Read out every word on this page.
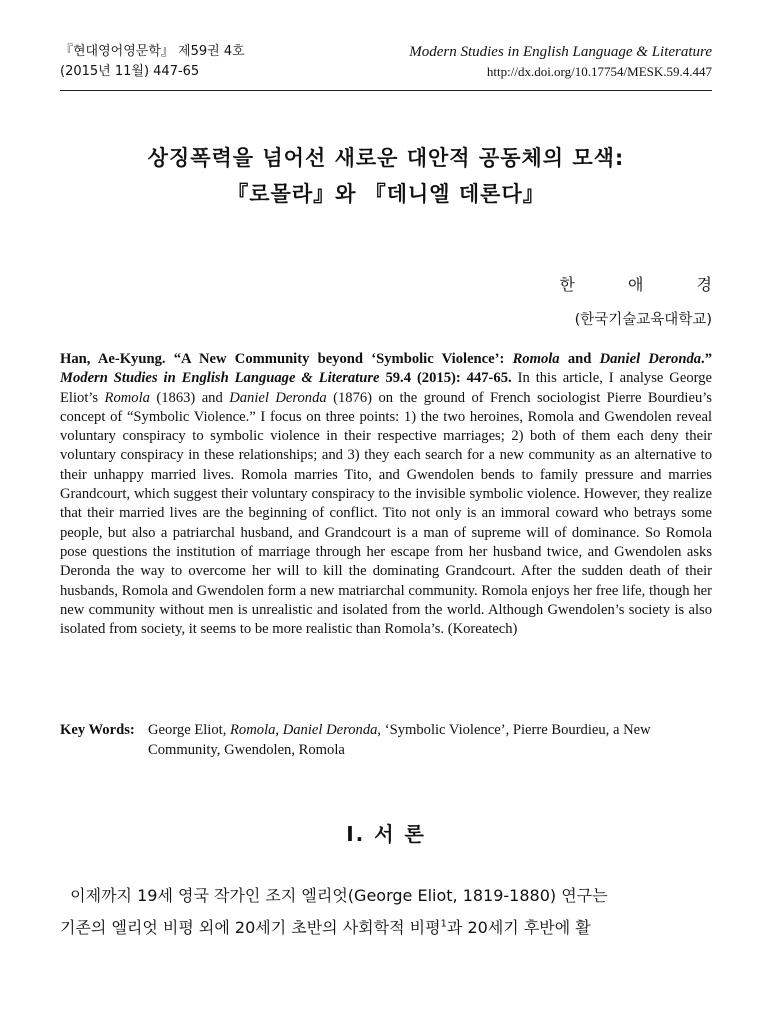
『현대영어영문학』 제59권 4호
(2015년 11월) 447-65
Modern Studies in English Language & Literature
http://dx.doi.org/10.17754/MESK.59.4.447
상징폭력을 넘어선 새로운 대안적 공동체의 모색:
『로몰라』와 『데니엘 데론다』
한 애 경
(한국기술교육대학교)
Han, Ae-Kyung. “A New Community beyond ‘Symbolic Violence’: Romola and Daniel Deronda.” Modern Studies in English Language & Literature 59.4 (2015): 447-65. In this article, I analyse George Eliot’s Romola (1863) and Daniel Deronda (1876) on the ground of French sociologist Pierre Bourdieu’s concept of “Symbolic Violence.” I focus on three points: 1) the two heroines, Romola and Gwendolen reveal voluntary conspiracy to symbolic violence in their respective marriages; 2) both of them each deny their voluntary conspiracy in these relationships; and 3) they each search for a new community as an alternative to their unhappy married lives. Romola marries Tito, and Gwendolen bends to family pressure and marries Grandcourt, which suggest their voluntary conspiracy to the invisible symbolic violence. However, they realize that their married lives are the beginning of conflict. Tito not only is an immoral coward who betrays some people, but also a patriarchal husband, and Grandcourt is a man of supreme will of dominance. So Romola pose questions the institution of marriage through her escape from her husband twice, and Gwendolen asks Deronda the way to overcome her will to kill the dominating Grandcourt. After the sudden death of their husbands, Romola and Gwendolen form a new matriarchal community. Romola enjoys her free life, though her new community without men is unrealistic and isolated from the world. Although Gwendolen’s society is also isolated from society, it seems to be more realistic than Romola’s. (Koreatech)
Key Words: George Eliot, Romola, Daniel Deronda, ‘Symbolic Violence’, Pierre Bourdieu, a New Community, Gwendolen, Romola
I. 서 론
이제까지 19세 영국 작가인 조지 엘리엇(George Eliot, 1819-1880) 연구는
기존의 엘리엇 비평 외에 20세기 초반의 사회학적 비평$^1$과 20세기 후반에 활
